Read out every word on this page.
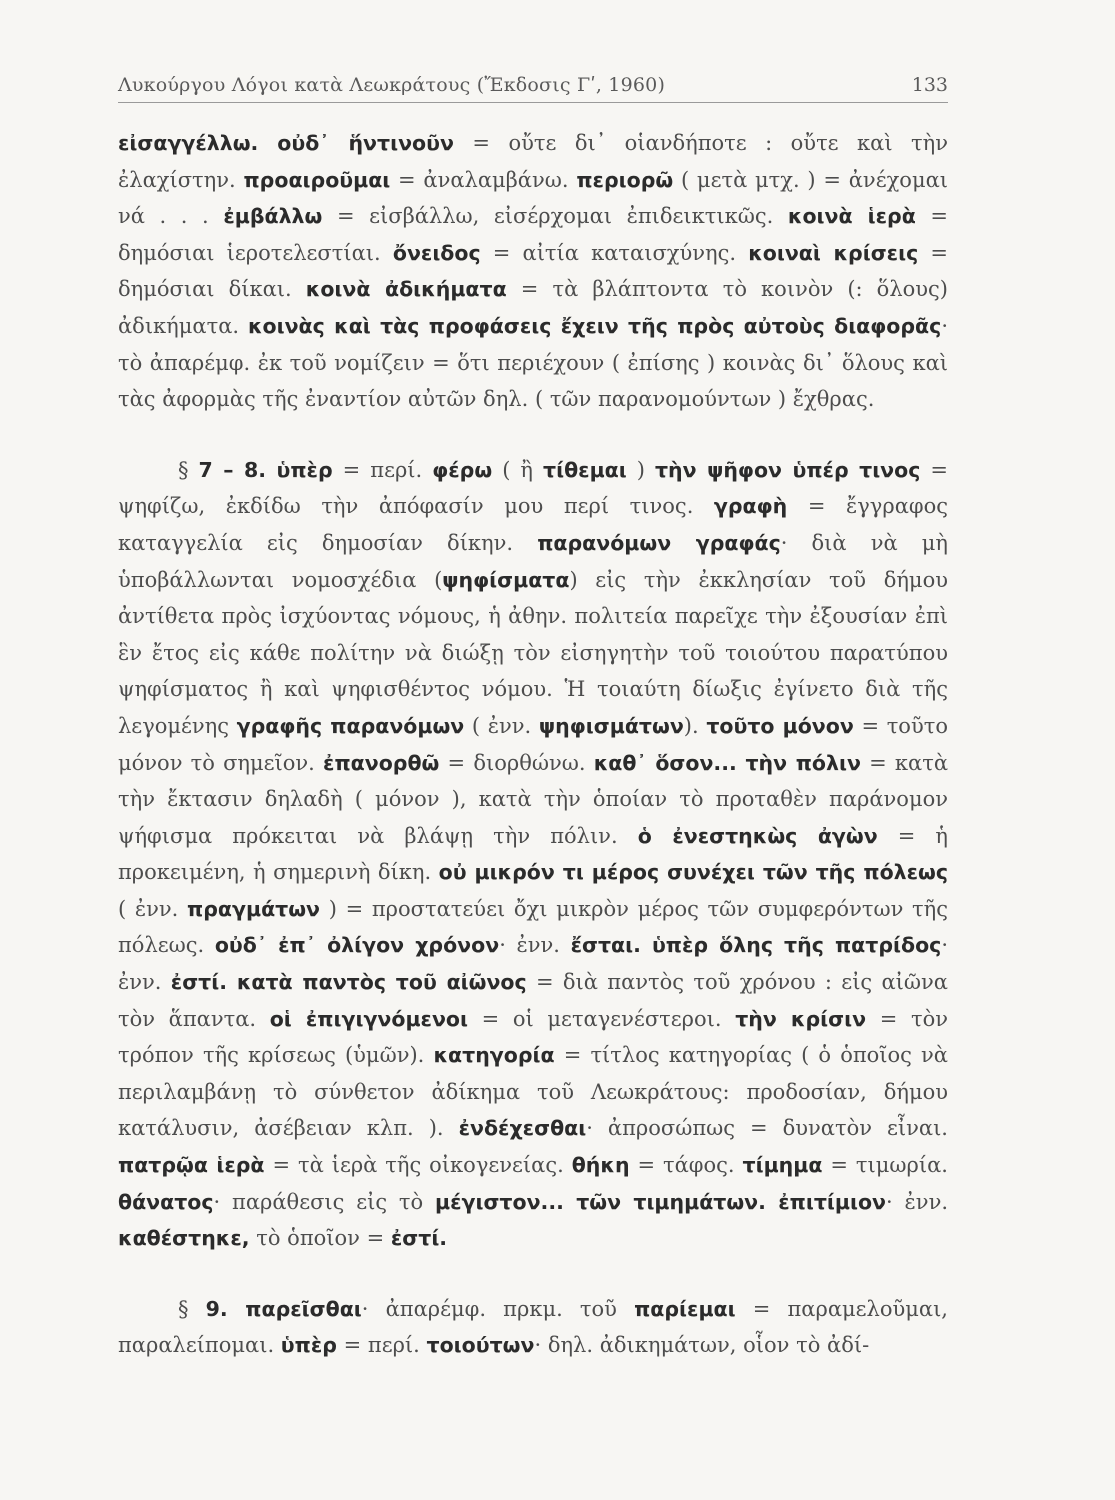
Λυκούργου Λόγοι κατὰ Λεωκράτους (Ἔκδοσις Γʹ, 1960)	133

εἰσαγγέλλω. οὐδ᾽ ἥντινοῦν = οὔτε δι᾽ οἱανδήποτε : οὔτε καὶ τὴν ἐλαχίστην. προαιροῦμαι = ἀναλαμβάνω. περιορῶ ( μετὰ μτχ. ) = ἀνέχομαι νά . . . ἐμβάλλω = εἰσβάλλω, εἰσέρχομαι ἐπιδεικτικῶς. κοινὰ ἱερὰ = δημόσιαι ἱεροτελεστίαι. ὄνειδος = αἰτία καταισχύνης. κοιναὶ κρίσεις = δημόσιαι δίκαι. κοινὰ ἀδικήματα = τὰ βλάπτοντα τὸ κοινὸν (: ὅλους) ἀδικήματα. κοινὰς καὶ τὰς προφάσεις ἔχειν τῆς πρὸς αὐτοὺς διαφορᾶς· τὸ ἀπαρέμφ. ἐκ τοῦ νομίζειν = ὅτι περιέχουν ( ἐπίσης ) κοινὰς δι᾽ ὅλους καὶ τὰς ἀφορμὰς τῆς ἐναντίον αὐτῶν δηλ. ( τῶν παρανομούντων ) ἔχθρας.

§ 7 – 8. ὑπὲρ = περί. φέρω ( ἢ τίθεμαι ) τὴν ψῆφον ὑπέρ τινος = ψηφίζω, ἐκδίδω τὴν ἀπόφασίν μου περί τινος. γραφὴ = ἔγγραφος καταγγελία εἰς δημοσίαν δίκην. παρανόμων γραφάς· διὰ νὰ μὴ ὑποβάλλωνται νομοσχέδια (ψηφίσματα) εἰς τὴν ἐκκλησίαν τοῦ δήμου ἀντίθετα πρὸς ἰσχύοντας νόμους, ἡ ἀθην. πολιτεία παρεῖχε τὴν ἐξουσίαν ἐπὶ ἓν ἔτος εἰς κάθε πολίτην νὰ διώξῃ τὸν εἰσηγητὴν τοῦ τοιούτου παρατύπου ψηφίσματος ἢ καὶ ψηφισθέντος νόμου. Ἡ τοιαύτη δίωξις ἐγίνετο διὰ τῆς λεγομένης γραφῆς παρανόμων ( ἐνν. ψηφισμάτων). τοῦτο μόνον = τοῦτο μόνον τὸ σημεῖον. ἐπανορθῶ = διορθώνω. καθ᾽ ὅσον... τὴν πόλιν = κατὰ τὴν ἔκτασιν δηλαδὴ ( μόνον ), κατὰ τὴν ὁποίαν τὸ προταθὲν παράνομον ψήφισμα πρόκειται νὰ βλάψῃ τὴν πόλιν. ὁ ἐνεστηκὼς ἀγὼν = ἡ προκειμένη, ἡ σημερινὴ δίκη. οὐ μικρόν τι μέρος συνέχει τῶν τῆς πόλεως ( ἐνν. πραγμάτων ) = προστατεύει ὄχι μικρὸν μέρος τῶν συμφερόντων τῆς πόλεως. οὐδ᾽ ἐπ᾽ ὀλίγον χρόνον· ἐνν. ἔσται. ὑπὲρ ὅλης τῆς πατρίδος· ἐνν. ἐστί. κατὰ παντὸς τοῦ αἰῶνος = διὰ παντὸς τοῦ χρόνου : εἰς αἰῶνα τὸν ἅπαντα. οἱ ἐπιγιγνόμενοι = οἱ μεταγενέστεροι. τὴν κρίσιν = τὸν τρόπον τῆς κρίσεως (ὑμῶν). κατηγορία = τίτλος κατηγορίας ( ὁ ὁποῖος νὰ περιλαμβάνῃ τὸ σύνθετον ἀδίκημα τοῦ Λεωκράτους: προδοσίαν, δήμου κατάλυσιν, ἀσέβειαν κλπ. ). ἐνδέχεσθαι· ἀπροσώπως = δυνατὸν εἶναι. πατρῷα ἱερὰ = τὰ ἱερὰ τῆς οἰκογενείας. θήκη = τάφος. τίμημα = τιμωρία. θάνατος· παράθεσις εἰς τὸ μέγιστον... τῶν τιμημάτων. ἐπιτίμιον· ἐνν. καθέστηκε, τὸ ὁποῖον = ἐστί.

§ 9. παρεῖσθαι· ἀπαρέμφ. πρκμ. τοῦ παρίεμαι = παραμελοῦμαι, παραλείπομαι. ὑπὲρ = περί. τοιούτων· δηλ. ἀδικημάτων, οἷον τὸ ἀδί-
